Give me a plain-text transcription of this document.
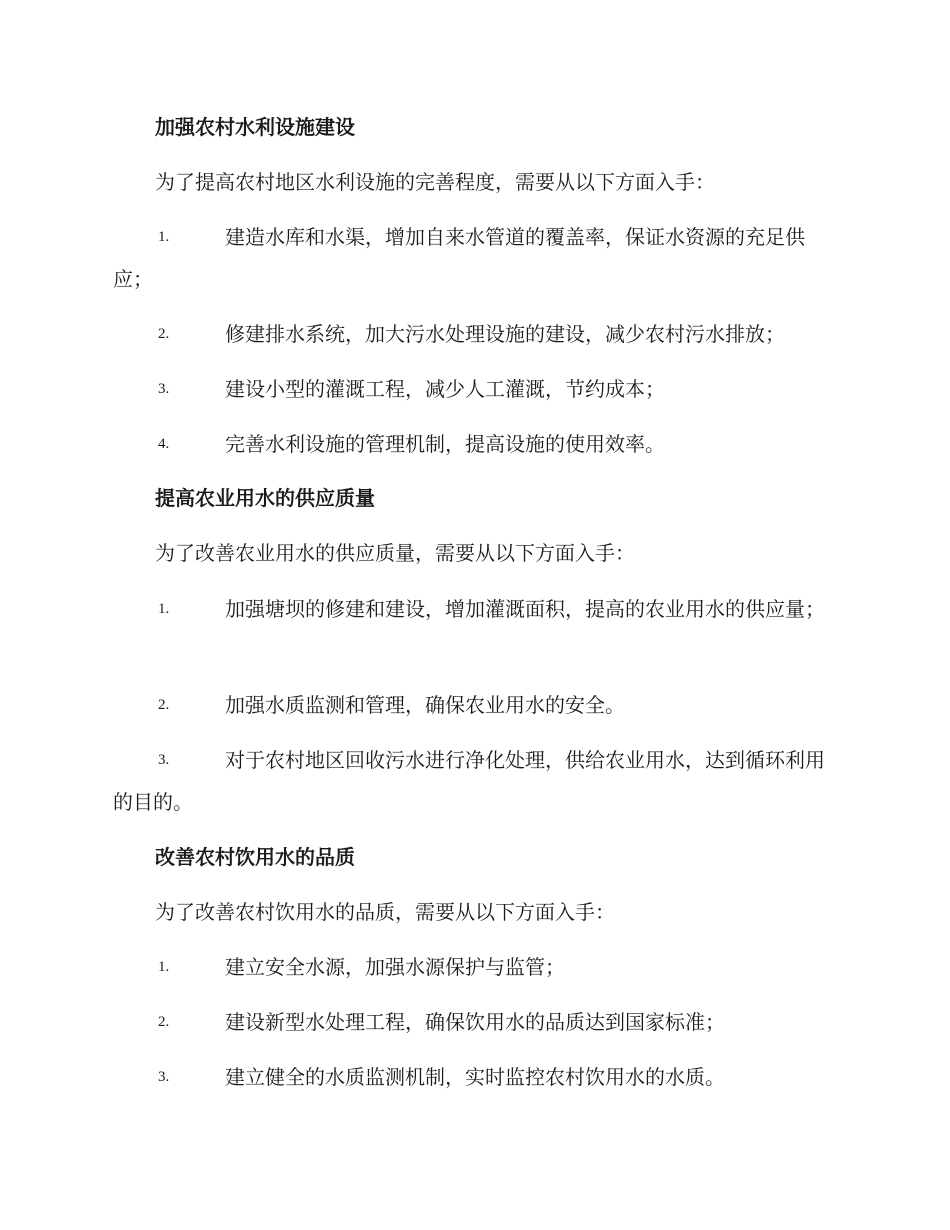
加强农村水利设施建设
为了提高农村地区水利设施的完善程度，需要从以下方面入手：
1.	建造水库和水渠，增加自来水管道的覆盖率，保证水资源的充足供应；
2.	修建排水系统，加大污水处理设施的建设，减少农村污水排放；
3.	建设小型的灌溉工程，减少人工灌溉，节约成本；
4.	完善水利设施的管理机制，提高设施的使用效率。
提高农业用水的供应质量
为了改善农业用水的供应质量，需要从以下方面入手：
1.	加强塘坝的修建和建设，增加灌溉面积，提高的农业用水的供应量；
2.	加强水质监测和管理，确保农业用水的安全。
3.	对于农村地区回收污水进行净化处理，供给农业用水，达到循环利用的目的。
改善农村饮用水的品质
为了改善农村饮用水的品质，需要从以下方面入手：
1.	建立安全水源，加强水源保护与监管；
2.	建设新型水处理工程，确保饮用水的品质达到国家标准；
3.	建立健全的水质监测机制，实时监控农村饮用水的水质。
